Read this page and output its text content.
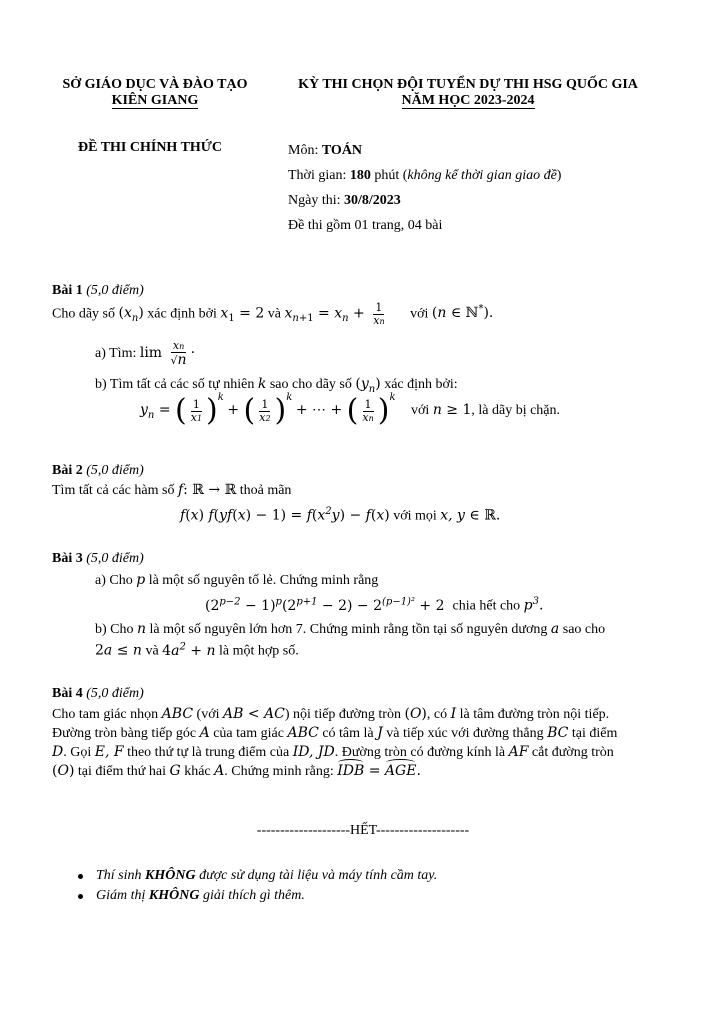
SỞ GIÁO DỤC VÀ ĐÀO TẠO
KIÊN GIANG
KỲ THI CHỌN ĐỘI TUYỂN DỰ THI HSG QUỐC GIA
NĂM HỌC 2023-2024
ĐỀ THI CHÍNH THỨC	Môn: TOÁN
Thời gian: 180 phút (không kể thời gian giao đề)
Ngày thi: 30/8/2023
Đề thi gồm 01 trang, 04 bài
Bài 1 (5,0 điểm)
Cho dãy số $(x_n)$ xác định bởi $x_1 = 2$ và $x_{n+1} = x_n + \frac{1}{xn}$ với (n ∈ ℕ*).
a) Tìm: $\lim \frac{xn}{√n}$ ·
b) Tìm tất cả các số tự nhiên k sao cho dãy số $(y_n)$ xác định bởi:
$y_n$ = ( $\frac{1}{x1} )^k$ + ( $\frac{1}{x2} )^k$ + ⋯ + ( $\frac{1}{xn} )^k$ với n ≥ 1, là dãy bị chặn.
Bài 2 (5,0 điểm)
Tìm tất cả các hàm số f: ℝ → ℝ thoả mãn
f(x) $f(yf(x) - 1) = f(x^2y) - f(x)$ với mọi x, y ∈ ℝ.
Bài 3 (5,0 điểm)
a) Cho p là một số nguyên tố lẻ. Chứng minh rằng
$(2^{p-2} - 1)^p(2^{p+1} - 2) - 2^{(p-1)^2} + 2$ chia hết cho $p^3$.
b) Cho n là một số nguyên lớn hơn 7. Chứng minh rằng tồn tại số nguyên dương a sao cho
2a ≤ n và $4a^2 + n$ là một hợp số.
Bài 4 (5,0 điểm)
Cho tam giác nhọn ABC (với AB < AC) nội tiếp đường tròn (O), có I là tâm đường tròn nội tiếp.
Đường tròn bàng tiếp góc A của tam giác ABC có tâm là J và tiếp xúc với đường thẳng BC tại điểm
D. Gọi E, F theo thứ tự là trung điểm của ID, JD. Đường tròn có đường kính là AF cắt đường tròn
(O) tại điểm thứ hai G khác A. Chứng minh rằng: IDB = AGE.
--------------------HẾT--------------------
Thí sinh KHÔNG được sử dụng tài liệu và máy tính cầm tay.
Giám thị KHÔNG giải thích gì thêm.
